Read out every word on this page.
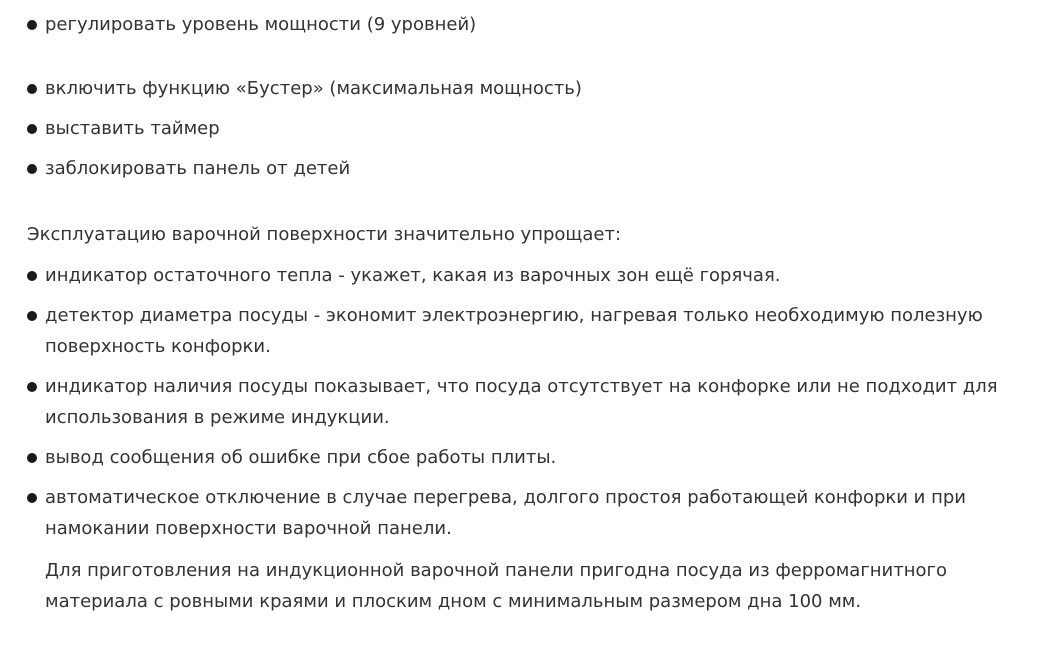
регулировать уровень мощности (9 уровней)
включить функцию «Бустер» (максимальная мощность)
выставить таймер
заблокировать панель от детей

Эксплуатацию варочной поверхности значительно упрощает:

индикатор остаточного тепла - укажет, какая из варочных зон ещё горячая.
детектор диаметра посуды - экономит электроэнергию, нагревая только необходимую полезную поверхность конфорки.
индикатор наличия посуды показывает, что посуда отсутствует на конфорке или не подходит для использования в режиме индукции.
вывод сообщения об ошибке при сбое работы плиты.
автоматическое отключение в случае перегрева, долгого простоя работающей конфорки и при намокании поверхности варочной панели.

Для приготовления на индукционной варочной панели пригодна посуда из ферромагнитного материала с ровными краями и плоским дном с минимальным размером дна 100 мм.
